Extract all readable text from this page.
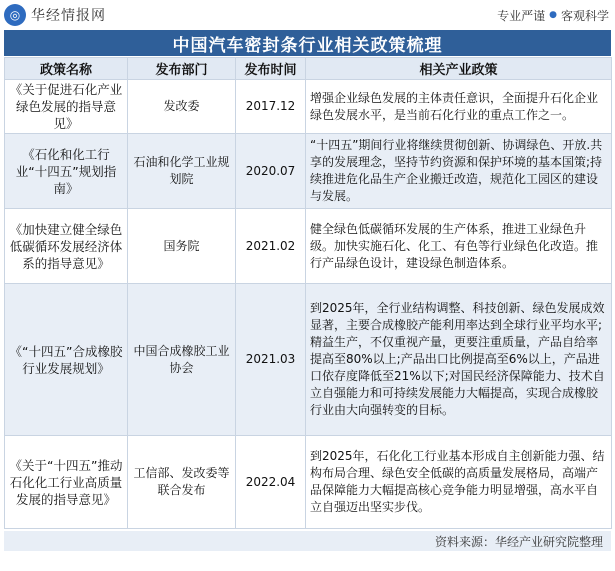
◎ 华经情报网	专业严谨 ● 客观科学
中国汽车密封条行业相关政策梳理
政策名称	发布部门	发布时间	相关产业政策
《关于促进石化产业绿色发展的指导意见》	发改委	2017.12	增强企业绿色发展的主体责任意识，全面提升石化企业绿色发展水平，是当前石化行业的重点工作之一。
《石化和化工行业“十四五”规划指南》	石油和化学工业规划院	2020.07	“十四五”期间行业将继续贯彻创新、协调绿色、开放.共享的发展理念，坚持节约资源和保护环境的基本国策;持续推进危化品生产企业搬迁改造，规范化工园区的建设与发展。
《加快建立健全绿色低碳循环发展经济体系的指导意见》	国务院	2021.02	健全绿色低碳循环发展的生产体系，推进工业绿色升级。加快实施石化、化工、有色等行业绿色化改造。推行产品绿色设计，建设绿色制造体系。
《“十四五”合成橡胶行业发展规划》	中国合成橡胶工业协会	2021.03	到2025年，全行业结构调整、科技创新、绿色发展成效显著，主要合成橡胶产能利用率达到全球行业平均水平;精益生产，不仅重视产量，更要注重质量，产品自给率提高至80%以上;产品出口比例提高至6%以上，产品进口依存度降低至21%以下;对国民经济保障能力、技术自立自强能力和可持续发展能力大幅提高，实现合成橡胶行业由大向强转变的目标。
《关于“十四五”推动石化化工行业高质量发展的指导意见》	工信部、发改委等联合发布	2022.04	到2025年，石化化工行业基本形成自主创新能力强、结构布局合理、绿色安全低碳的高质量发展格局，高端产品保障能力大幅提高核心竞争能力明显增强，高水平自立自强迈出坚实步伐。
资料来源：华经产业研究院整理
